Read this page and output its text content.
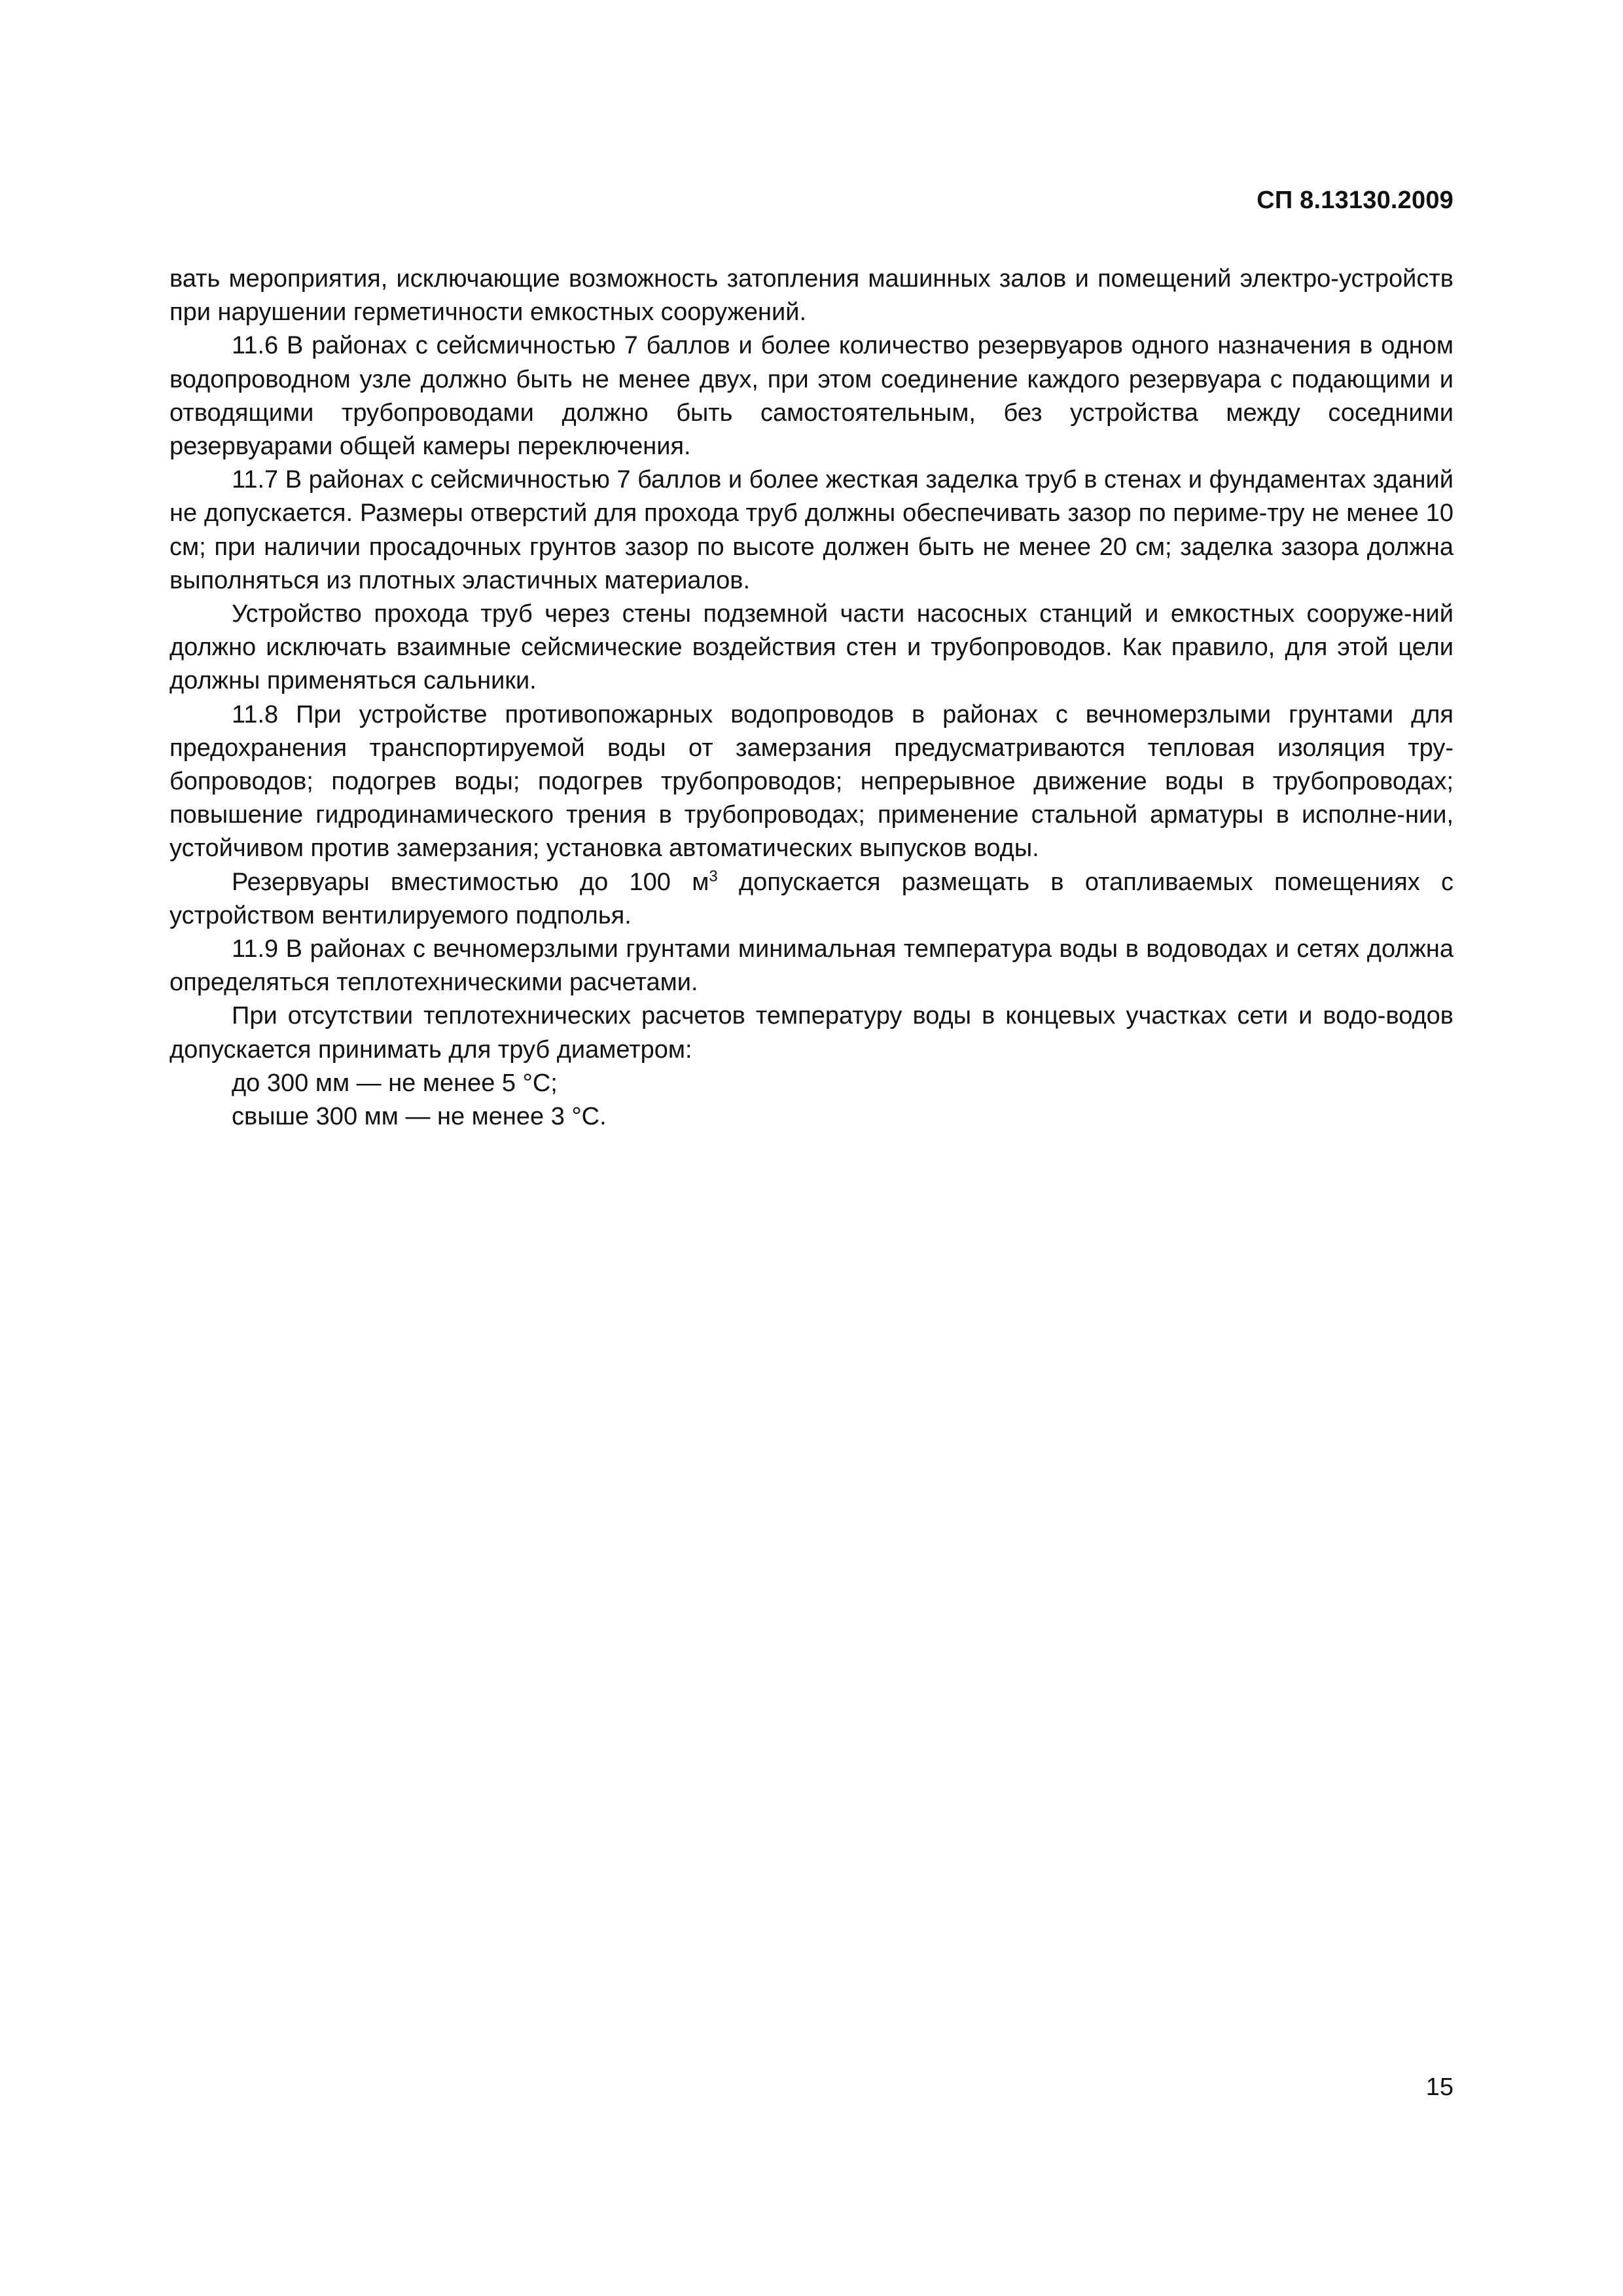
СП 8.13130.2009

вать мероприятия, исключающие возможность затопления машинных залов и помещений электро-устройств при нарушении герметичности емкостных сооружений.

11.6 В районах с сейсмичностью 7 баллов и более количество резервуаров одного назначения в одном водопроводном узле должно быть не менее двух, при этом соединение каждого резервуара с подающими и отводящими трубопроводами должно быть самостоятельным, без устройства между соседними резервуарами общей камеры переключения.

11.7 В районах с сейсмичностью 7 баллов и более жесткая заделка труб в стенах и фундаментах зданий не допускается. Размеры отверстий для прохода труб должны обеспечивать зазор по периме-тру не менее 10 см; при наличии просадочных грунтов зазор по высоте должен быть не менее 20 см; заделка зазора должна выполняться из плотных эластичных материалов.

Устройство прохода труб через стены подземной части насосных станций и емкостных сооруже-ний должно исключать взаимные сейсмические воздействия стен и трубопроводов. Как правило, для этой цели должны применяться сальники.

11.8 При устройстве противопожарных водопроводов в районах с вечномерзлыми грунтами для предохранения транспортируемой воды от замерзания предусматриваются тепловая изоляция тру-бопроводов; подогрев воды; подогрев трубопроводов; непрерывное движение воды в трубопроводах; повышение гидродинамического трения в трубопроводах; применение стальной арматуры в исполне-нии, устойчивом против замерзания; установка автоматических выпусков воды.

Резервуары вместимостью до 100 $м^3$ допускается размещать в отапливаемых помещениях с устройством вентилируемого подполья.

11.9 В районах с вечномерзлыми грунтами минимальная температура воды в водоводах и сетях должна определяться теплотехническими расчетами.

При отсутствии теплотехнических расчетов температуру воды в концевых участках сети и водо-водов допускается принимать для труб диаметром:

до 300 мм — не менее 5 °С;

свыше 300 мм — не менее 3 °С.

15
